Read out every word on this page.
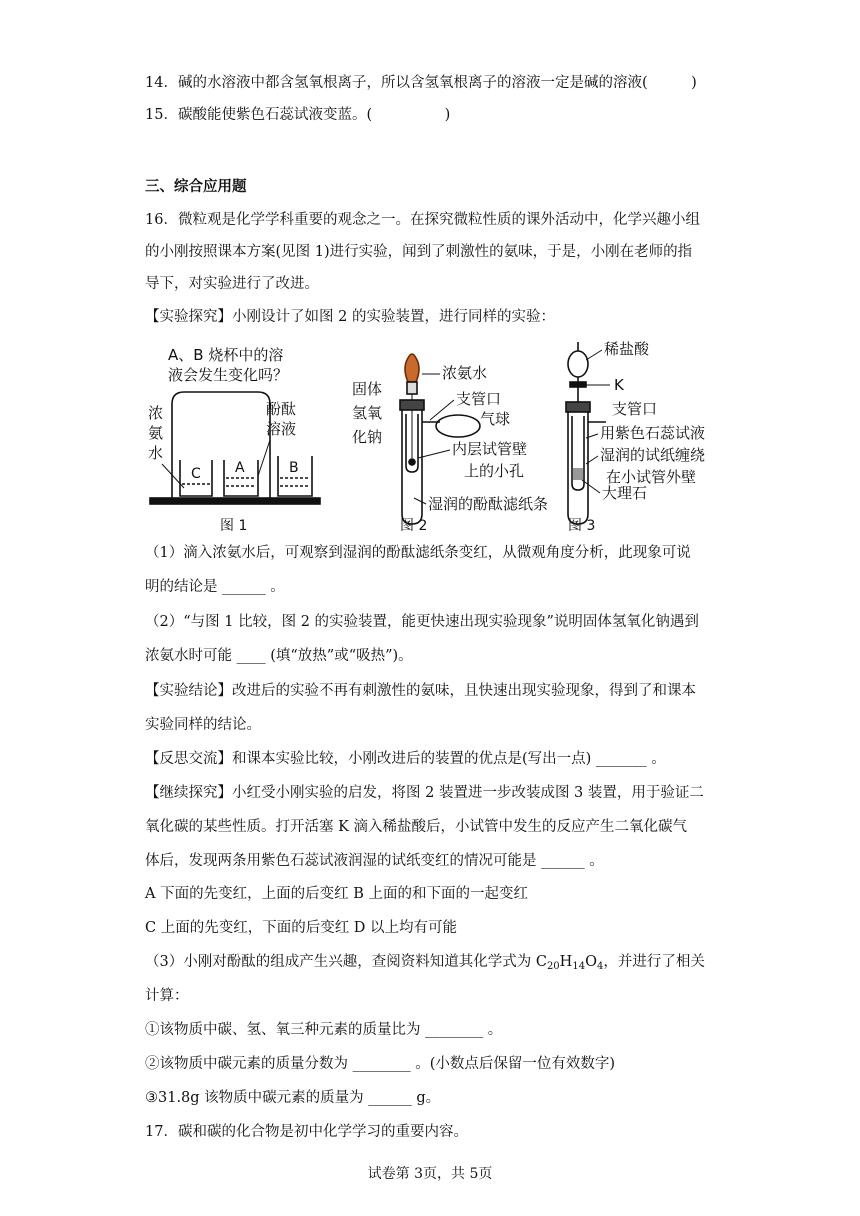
14．碱的水溶液中都含氢氧根离子，所以含氢氧根离子的溶液一定是碱的溶液(　　　)
15．碳酸能使紫色石蕊试液变蓝。(　　　　　)
三、综合应用题
16．微粒观是化学学科重要的观念之一。在探究微粒性质的课外活动中，化学兴趣小组
的小刚按照课本方案(见图 1)进行实验，闻到了刺激性的氨味，于是，小刚在老师的指
导下，对实验进行了改进。
【实验探究】小刚设计了如图 2 的实验装置，进行同样的实验：
A、B 烧杯中的溶
液会发生变化吗？
C A	B
浓
氨
水
酚酞
溶液
图 1
固体
氢氧
化钠
浓氨水
支管口
气球
内层试管壁
上的小孔
湿润的酚酞滤纸条
图 2
稀盐酸
K
支管口
用紫色石蕊试液
湿润的试纸缠绕
在小试管外壁
大理石
图 3
（1）滴入浓氨水后，可观察到湿润的酚酞滤纸条变红，从微观角度分析，此现象可说
明的结论是 ______ 。
（2）“与图 1 比较，图 2 的实验装置，能更快速出现实验现象”说明固体氢氧化钠遇到
浓氨水时可能 ____ (填“放热”或“吸热”)。
【实验结论】改进后的实验不再有刺激性的氨味，且快速出现实验现象，得到了和课本
实验同样的结论。
【反思交流】和课本实验比较，小刚改进后的装置的优点是(写出一点) _______ 。
【继续探究】小红受小刚实验的启发，将图 2 装置进一步改装成图 3 装置，用于验证二
氧化碳的某些性质。打开活塞 K 滴入稀盐酸后，小试管中发生的反应产生二氧化碳气
体后，发现两条用紫色石蕊试液润湿的试纸变红的情况可能是 ______ 。
A 下面的先变红，上面的后变红 B 上面的和下面的一起变红
C 上面的先变红，下面的后变红 D 以上均有可能
（3）小刚对酚酞的组成产生兴趣，查阅资料知道其化学式为 $C_{20}H_{14}O_4$，并进行了相关
计算：
①该物质中碳、氢、氧三种元素的质量比为 ________ 。
②该物质中碳元素的质量分数为 ________ 。(小数点后保留一位有效数字)
③31.8g 该物质中碳元素的质量为 ______ g。
17．碳和碳的化合物是初中化学学习的重要内容。
试卷第 3页，共 5页
